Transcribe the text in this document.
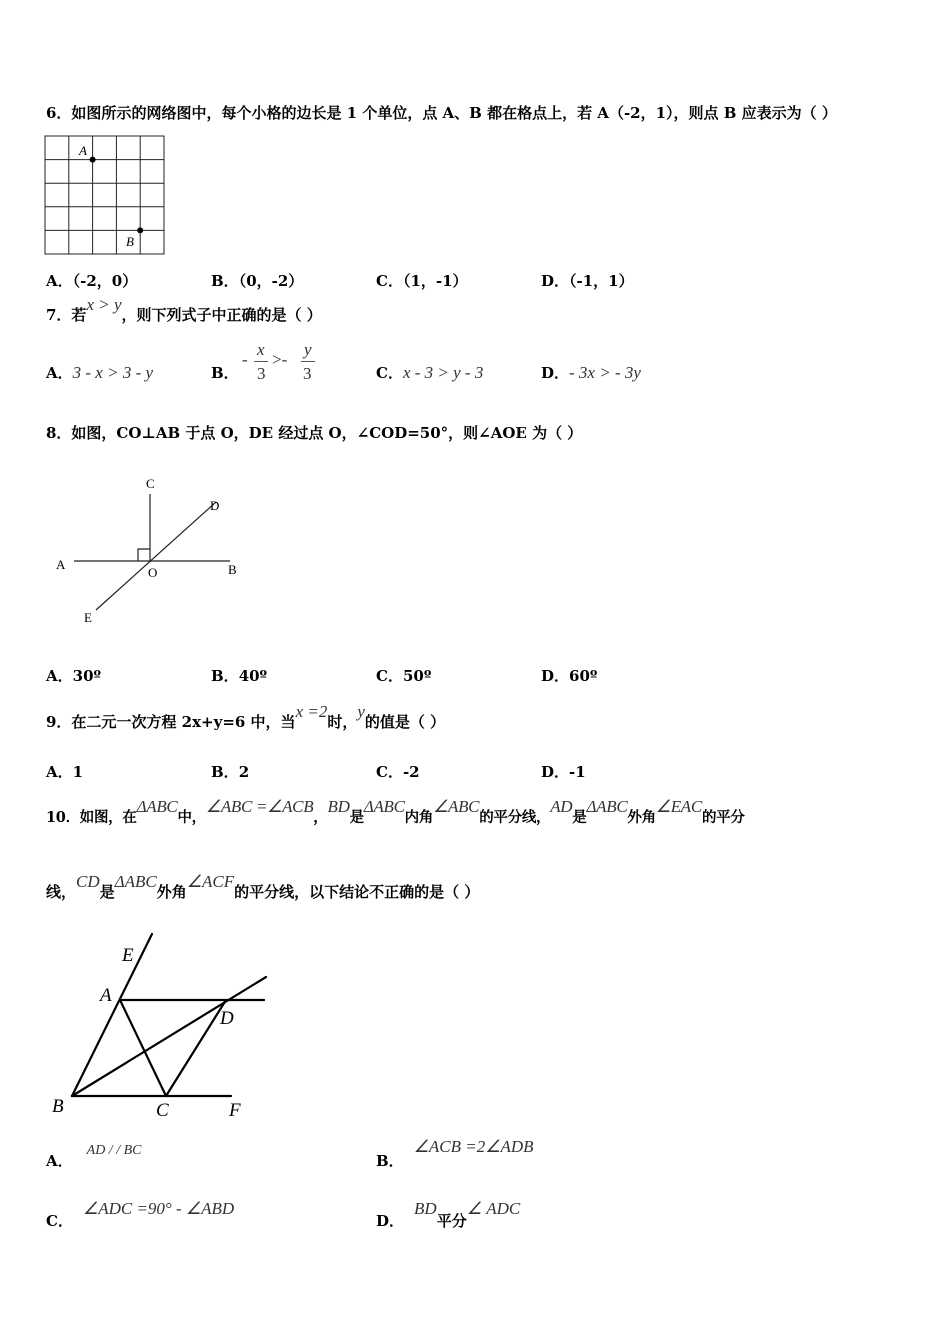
6．如图所示的网络图中，每个小格的边长是 1 个单位，点 A、B 都在格点上，若 A（-2，1），则点 B 应表示为（ ）
A
B
A．（-2，0）	B．（0，-2）	C．（1，-1）	D．（-1，1）
7．若x > y，则下列式子中正确的是（ ）
A．3 - x > 3 - y	B．
-
x
3
>-
y
3	C．x - 3 > y - 3	D．- 3x > - 3y
8．如图，CO⊥AB 于点 O，DE 经过点 O，∠COD=50°，则∠AOE 为（ ）
A	B
C
D
E
O
A．30º	B．40º	C．50º	D．60º
9．在二元一次方程 2x+y=6 中，当x =2时，y的值是（ ）
A．1	B．2	C．-2	D．-1
10．如图，在ΔABC中，∠ABC =∠ACB，BD是ΔABC内角∠ABC的平分线，AD是ΔABC外角∠EAC的平分
线，CD是ΔABC外角∠ACF的平分线，以下结论不正确的是（ ）
E
A
D
B	C	F
A．AD / / BC
B．∠ACB =2∠ADB
C．∠ADC =90° - ∠ABD
D．BD平分∠ ADC
